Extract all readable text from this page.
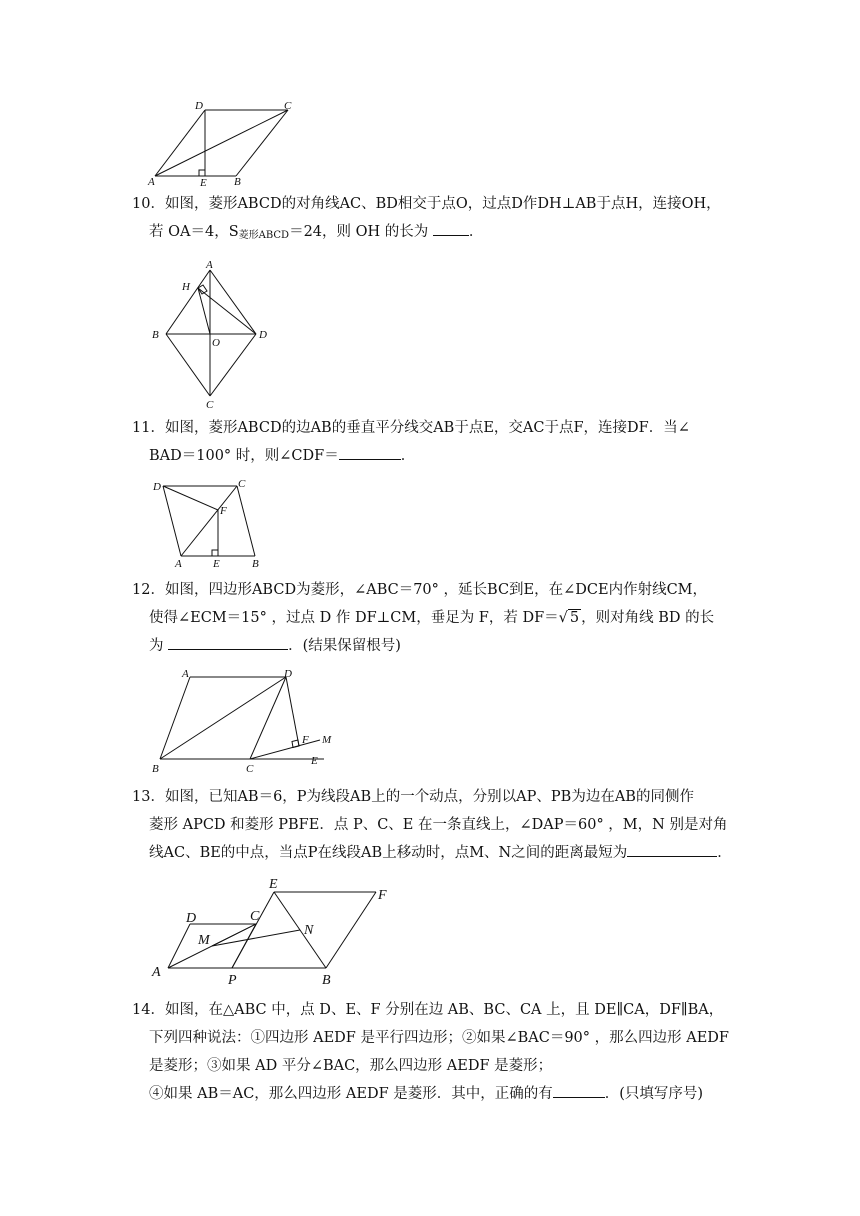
D	C
A	E B

10．如图，菱形ABCD的对角线AC、BD相交于点O，过点D作DH⊥AB于点H，连接OH，

若 OA＝4，$S_{菱形ABCD}=24$，则 OH 的长为	．

A
H
B
O
D
C

11．如图，菱形ABCD的边AB的垂直平分线交AB于点E，交AC于点F，连接DF．当∠

BAD＝100° 时，则∠CDF＝	．

D	C
F
A	E	B

12．如图，四边形ABCD为菱形，∠ABC＝70° ，延长BC到E，在∠DCE内作射线CM，

使得∠ECM＝15° ，过点 D 作 DF⊥CM，垂足为 F，若 DF＝√ 5 ，则对角线 BD 的长

为	．(结果保留根号)

A	D
F M
B	C
E

13．如图，已知AB＝6，P为线段AB上的一个动点，分别以AP、PB为边在AB的同侧作

菱形 APCD 和菱形 PBFE．点 P、C、E 在一条直线上，∠DAP＝60° ，M，N 别是对角

线AC、BE的中点，当点P在线段AB上移动时，点M、N之间的距离最短为	．

E
F
D	C
M
N
A
P	B

14．如图，在△ABC 中，点 D、E、F 分别在边 AB、BC、CA 上，且 DE∥CA，DF∥BA，

下列四种说法：①四边形 AEDF 是平行四边形；②如果∠BAC＝90° ，那么四边形 AEDF

是菱形；③如果 AD 平分∠BAC，那么四边形 AEDF 是菱形；

④如果 AB＝AC，那么四边形 AEDF 是菱形．其中，正确的有	．(只填写序号)
